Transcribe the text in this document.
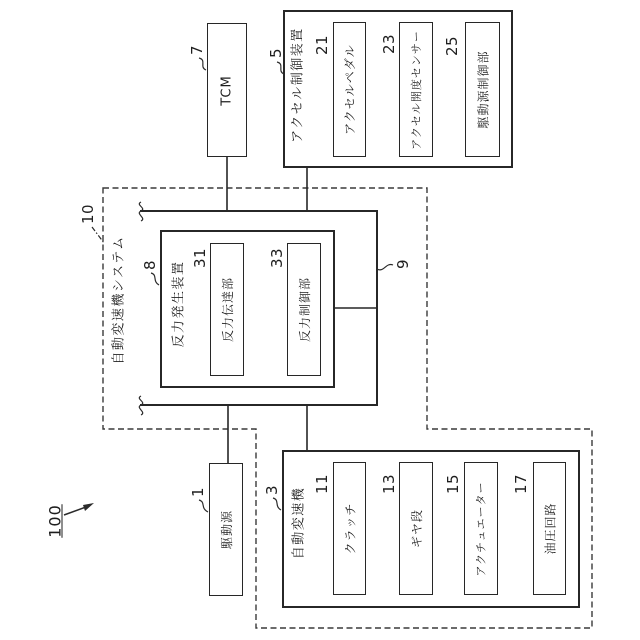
TCM
7	アクセル制御装置
5	アクセルペダル
21	アクセル開度センサー
23
駆動源制御部
25
10
自動変速機システム	9
反力発生装置
8
反力伝達部
31
反力制御部
33
駆動源
1	自動変速機
3
クラッチ
11
ギヤ段
13	アクチュエーター
15
油圧回路
17
100
